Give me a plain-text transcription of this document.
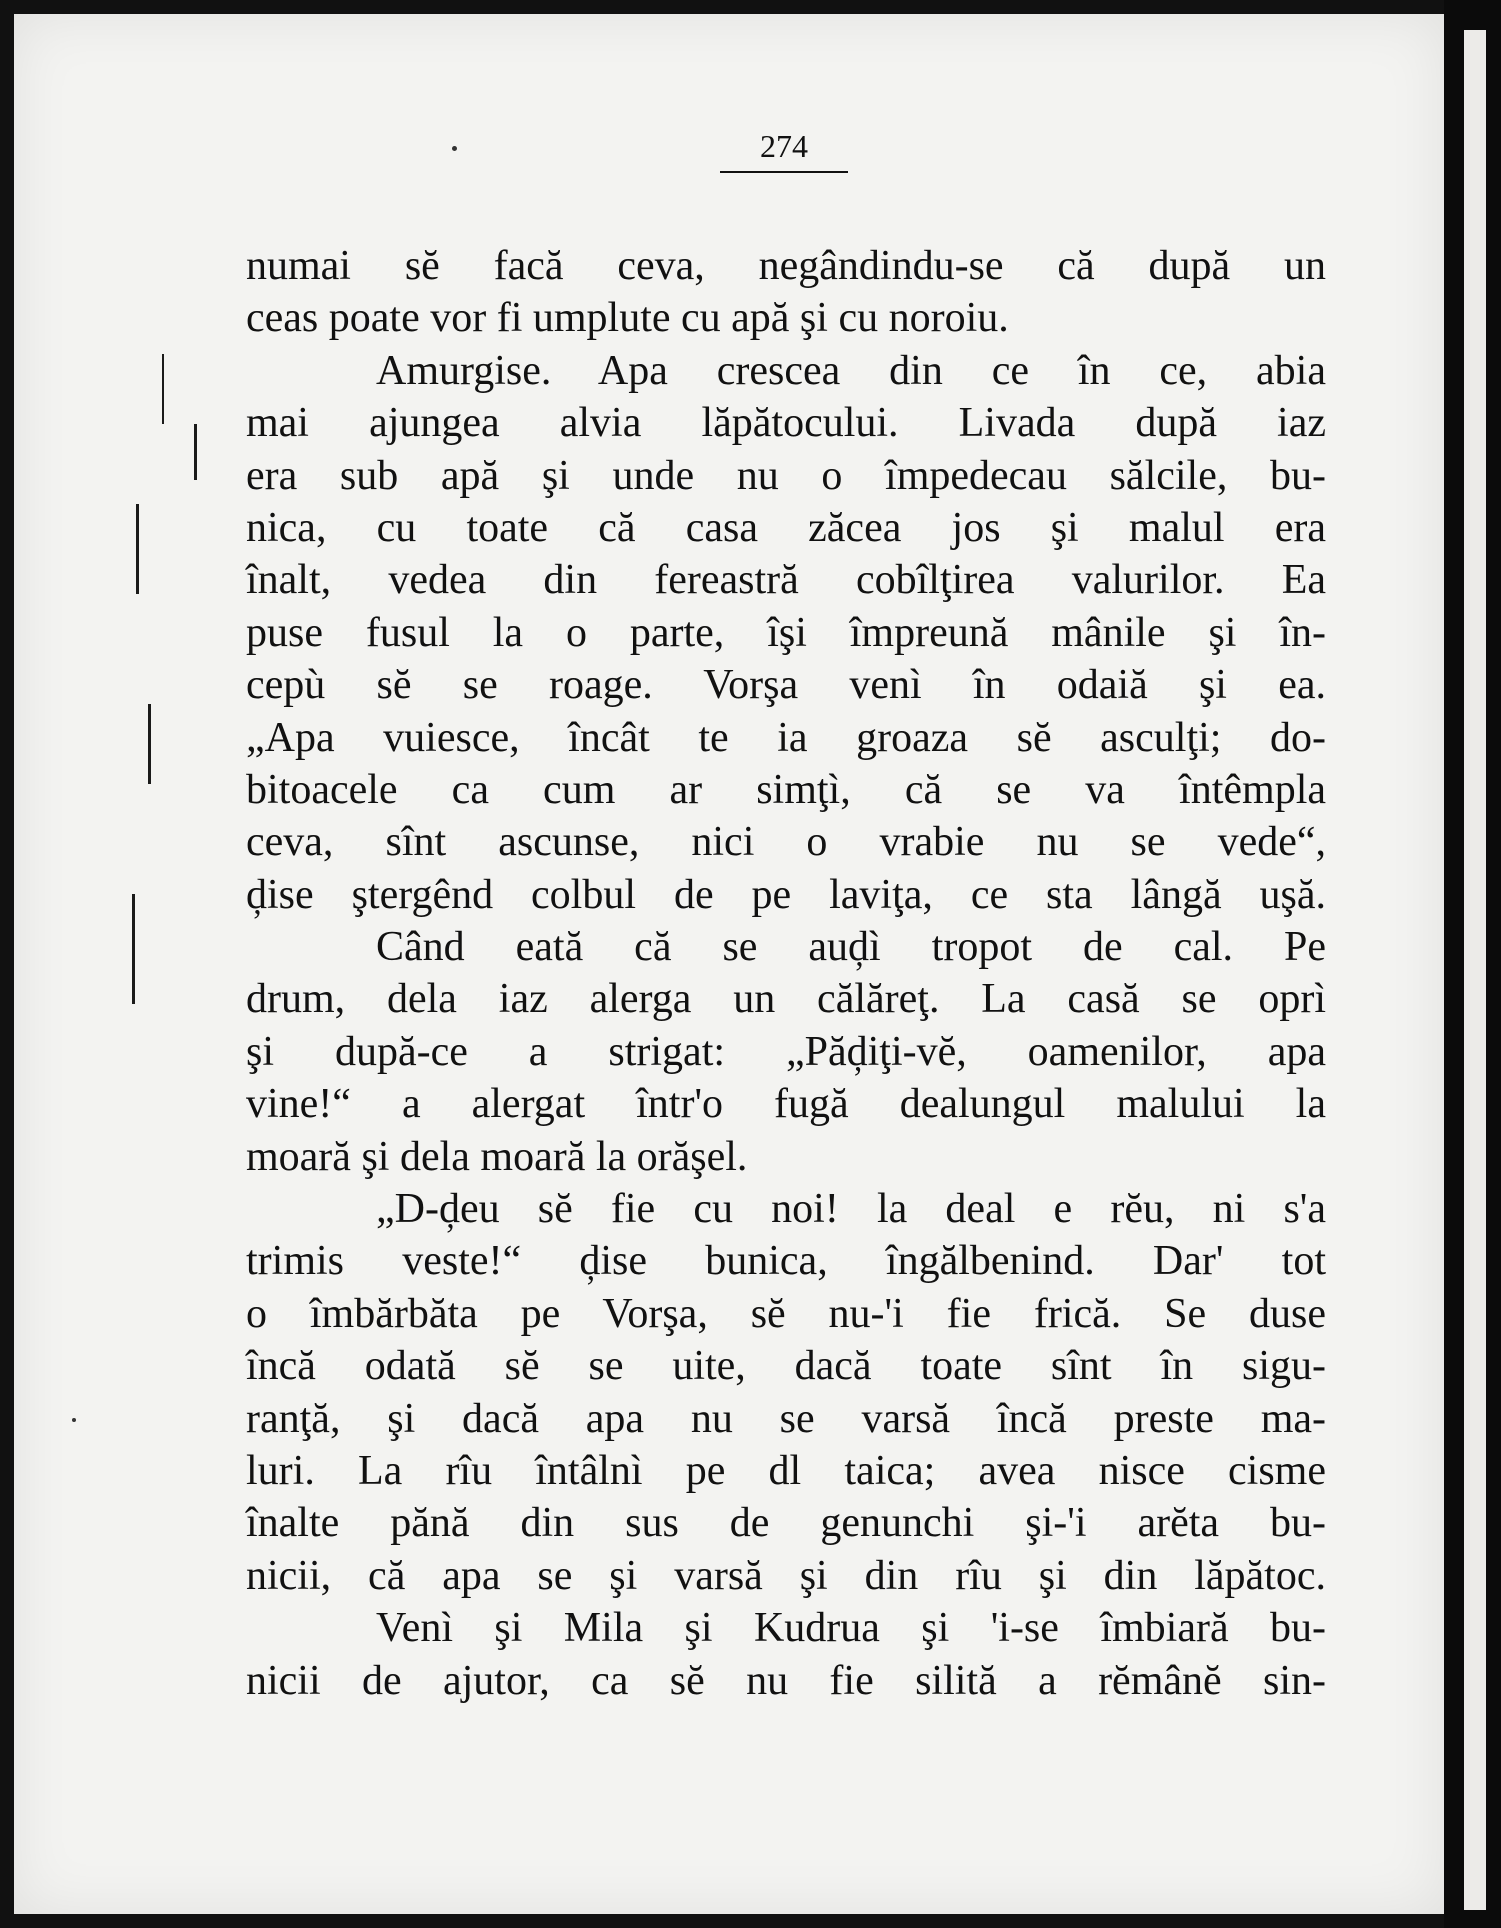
274
numai sĕ facă ceva, negândindu-se că după un
ceas poate vor fi umplute cu apă şi cu noroiu.
Amurgise. Apa crescea din ce în ce, abia
mai ajungea alvia lăpătocului. Livada după iaz
era sub apă şi unde nu o împedecau sălcile, bu-
nica, cu toate că casa zăcea jos şi malul era
înalt, vedea din fereastră cobîlţirea valurilor. Ea
puse fusul la o parte, îşi împreună mânile şi în-
cepù sĕ se roage. Vorşa venì în odaiă şi ea.
„Apa vuiesce, încât te ia groaza sĕ asculţi; do-
bitoacele ca cum ar simţì, că se va întêmpla
ceva, sînt ascunse, nici o vrabie nu se vede“,
ḑise ştergênd colbul de pe laviţa, ce sta lângă uşă.
Când eată că se auḑì tropot de cal. Pe
drum, dela iaz alerga un călăreţ. La casă se oprì
şi după-ce a strigat: „Păḑiţi-vĕ, oamenilor, apa
vine!“ a alergat într'o fugă dealungul malului la
moară şi dela moară la orăşel.
„D-ḑeu sĕ fie cu noi! la deal e rĕu, ni s'a
trimis veste!“ ḑise bunica, îngălbenind. Dar' tot
o îmbărbăta pe Vorşa, sĕ nu-'i fie frică. Se duse
încă odată sĕ se uite, dacă toate sînt în sigu-
ranţă, şi dacă apa nu se varsă încă preste ma-
luri. La rîu întâlnì pe dl taica; avea nisce cisme
înalte pănă din sus de genunchi şi-'i arĕta bu-
nicii, că apa se şi varsă şi din rîu şi din lăpătoc.
Venì şi Mila şi Kudrua şi 'i-se îmbiară bu-
nicii de ajutor, ca sĕ nu fie silită a rĕmânĕ sin-
